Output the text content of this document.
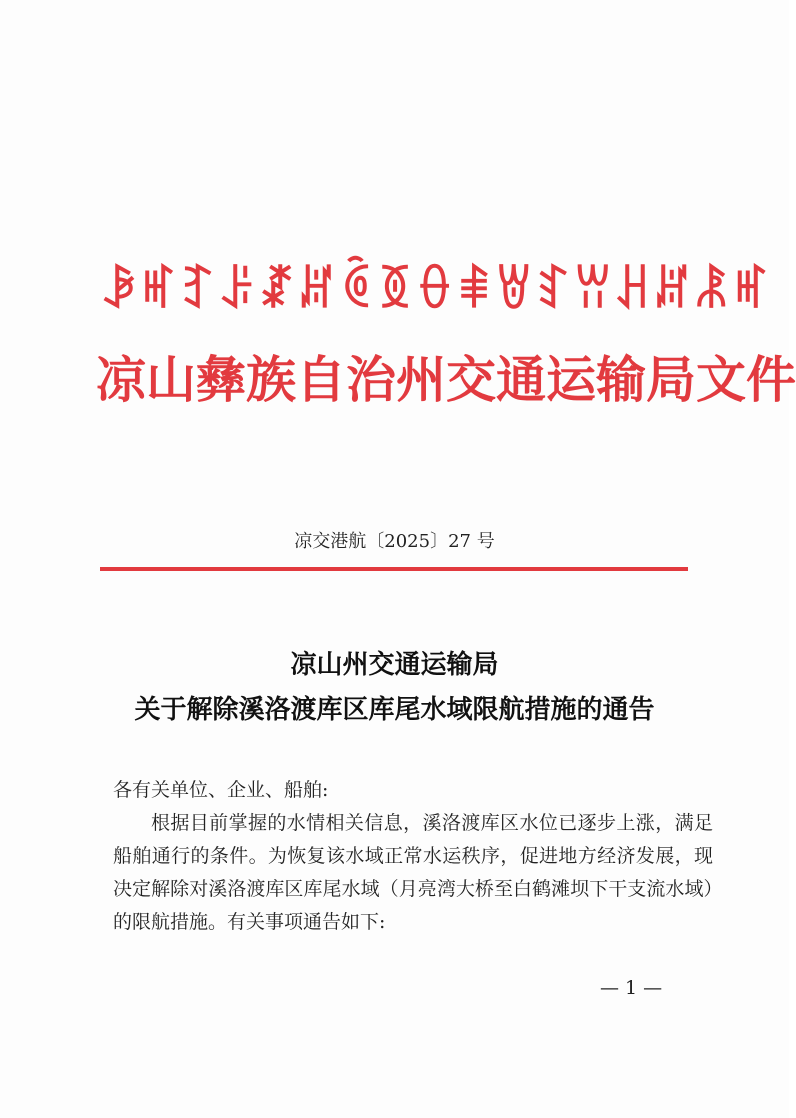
ꆃꎭꆈꌠꊨꏦꏱꅉꂷꑌꇐꆏꀕꃅꏦꂿꎭ
凉山彝族自治州交通运输局文件
凉交港航〔2025〕27 号
凉山州交通运输局
关于解除溪洛渡库区库尾水域限航措施的通告
各有关单位、企业、船舶:
根据目前掌握的水情相关信息，溪洛渡库区水位已逐步上涨，满足船舶通行的条件。为恢复该水域正常水运秩序，促进地方经济发展，现决定解除对溪洛渡库区库尾水域（月亮湾大桥至白鹤滩坝下干支流水域）的限航措施。有关事项通告如下:
— 1 —
